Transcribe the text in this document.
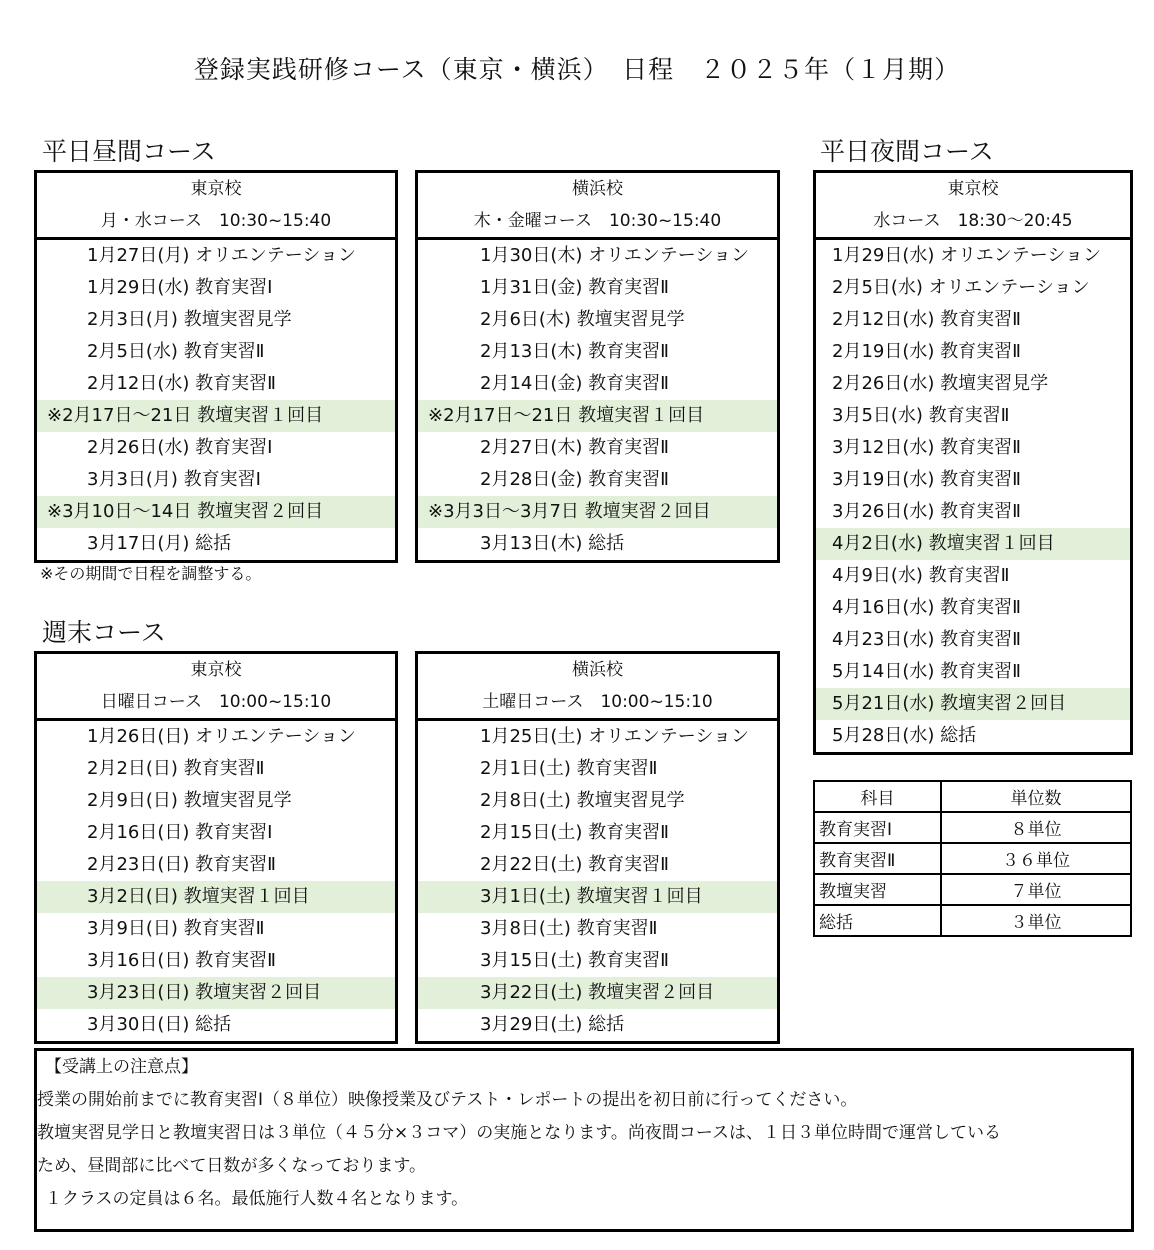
登録実践研修コース（東京・横浜）　日程　２０２５年（１月期）
平日昼間コース	平日夜間コース
週末コース
東京校
月・水コース　10:30~15:40
1月27日(月) オリエンテーション
1月29日(水) 教育実習Ⅰ
2月3日(月) 教壇実習見学
2月5日(水) 教育実習Ⅱ
2月12日(水) 教育実習Ⅱ
※2月17日～21日 教壇実習１回目
2月26日(水) 教育実習Ⅰ
3月3日(月) 教育実習Ⅰ
※3月10日～14日 教壇実習２回目
3月17日(月) 総括
横浜校
木・金曜コース　10:30~15:40
1月30日(木) オリエンテーション
1月31日(金) 教育実習Ⅱ
2月6日(木) 教壇実習見学
2月13日(木) 教育実習Ⅱ
2月14日(金) 教育実習Ⅱ
※2月17日～21日 教壇実習１回目
2月27日(木) 教育実習Ⅱ
2月28日(金) 教育実習Ⅱ
※3月3日～3月7日 教壇実習２回目
3月13日(木) 総括
東京校
水コース　18:30～20:45
1月29日(水) オリエンテーション
2月5日(水) オリエンテーション
2月12日(水) 教育実習Ⅱ
2月19日(水) 教育実習Ⅱ
2月26日(水) 教壇実習見学
3月5日(水) 教育実習Ⅱ
3月12日(水) 教育実習Ⅱ
3月19日(水) 教育実習Ⅱ
3月26日(水) 教育実習Ⅱ
4月2日(水) 教壇実習１回目
4月9日(水) 教育実習Ⅱ
4月16日(水) 教育実習Ⅱ
4月23日(水) 教育実習Ⅱ
5月14日(水) 教育実習Ⅱ
5月21日(水) 教壇実習２回目
5月28日(水) 総括
※その期間で日程を調整する。
東京校
日曜日コース　10:00~15:10
1月26日(日) オリエンテーション
2月2日(日) 教育実習Ⅱ
2月9日(日) 教壇実習見学
2月16日(日) 教育実習Ⅰ
2月23日(日) 教育実習Ⅱ
3月2日(日) 教壇実習１回目
3月9日(日) 教育実習Ⅱ
3月16日(日) 教育実習Ⅱ
3月23日(日) 教壇実習２回目
3月30日(日) 総括
横浜校
土曜日コース　10:00~15:10
1月25日(土) オリエンテーション
2月1日(土) 教育実習Ⅱ
2月8日(土) 教壇実習見学
2月15日(土) 教育実習Ⅱ
2月22日(土) 教育実習Ⅱ
3月1日(土) 教壇実習１回目
3月8日(土) 教育実習Ⅱ
3月15日(土) 教育実習Ⅱ
3月22日(土) 教壇実習２回目
3月29日(土) 総括
科目	単位数
教育実習Ⅰ	８単位
教育実習Ⅱ	３６単位
教壇実習	７単位
総括	３単位
【受講上の注意点】
授業の開始前までに教育実習Ⅰ（８単位）映像授業及びテスト・レポートの提出を初日前に行ってください。
教壇実習見学日と教壇実習日は３単位（４５分×３コマ）の実施となります。尚夜間コースは、１日３単位時間で運営している
ため、昼間部に比べて日数が多くなっております。
１クラスの定員は６名。最低施行人数４名となります。
